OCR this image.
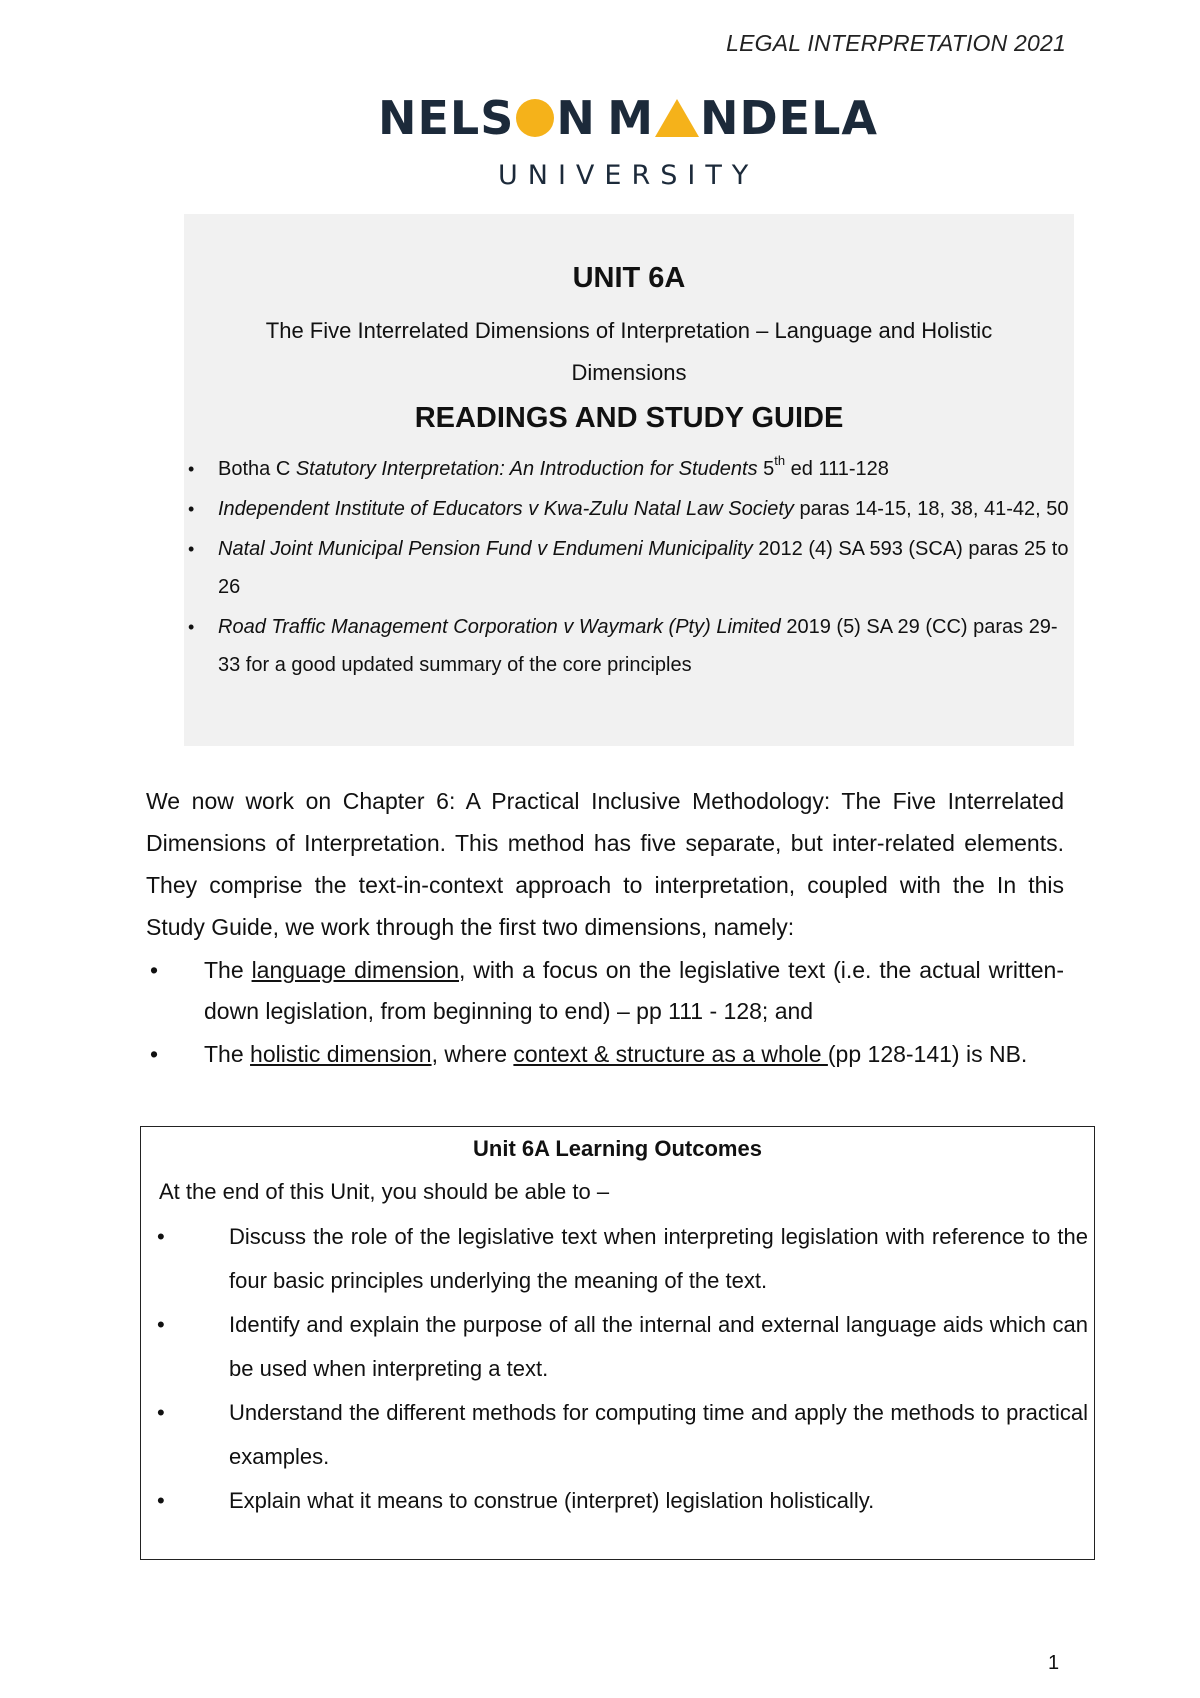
LEGAL INTERPRETATION 2021
NELS N M NDELA
UNIVERSITY
UNIT 6A
The Five Interrelated Dimensions of Interpretation – Language and Holistic Dimensions
READINGS AND STUDY GUIDE
• Botha C Statutory Interpretation: An Introduction for Students 5th ed 111-128
• Independent Institute of Educators v Kwa-Zulu Natal Law Society paras 14-15, 18, 38, 41-42, 50
• Natal Joint Municipal Pension Fund v Endumeni Municipality 2012 (4) SA 593 (SCA) paras 25 to 26
• Road Traffic Management Corporation v Waymark (Pty) Limited 2019 (5) SA 29 (CC) paras 29-33 for a good updated summary of the core principles

We now work on Chapter 6: A Practical Inclusive Methodology: The Five Interrelated Dimensions of Interpretation. This method has five separate, but inter-related elements. They comprise the text-in-context approach to interpretation, coupled with the In this Study Guide, we work through the first two dimensions, namely:

• The language dimension, with a focus on the legislative text (i.e. the actual written-down legislation, from beginning to end) – pp 111 - 128; and
• The holistic dimension, where context & structure as a whole (pp 128-141) is NB.
Unit 6A Learning Outcomes
At the end of this Unit, you should be able to –
• Discuss the role of the legislative text when interpreting legislation with reference to the four basic principles underlying the meaning of the text.
• Identify and explain the purpose of all the internal and external language aids which can be used when interpreting a text.
• Understand the different methods for computing time and apply the methods to practical examples.
• Explain what it means to construe (interpret) legislation holistically.
1
